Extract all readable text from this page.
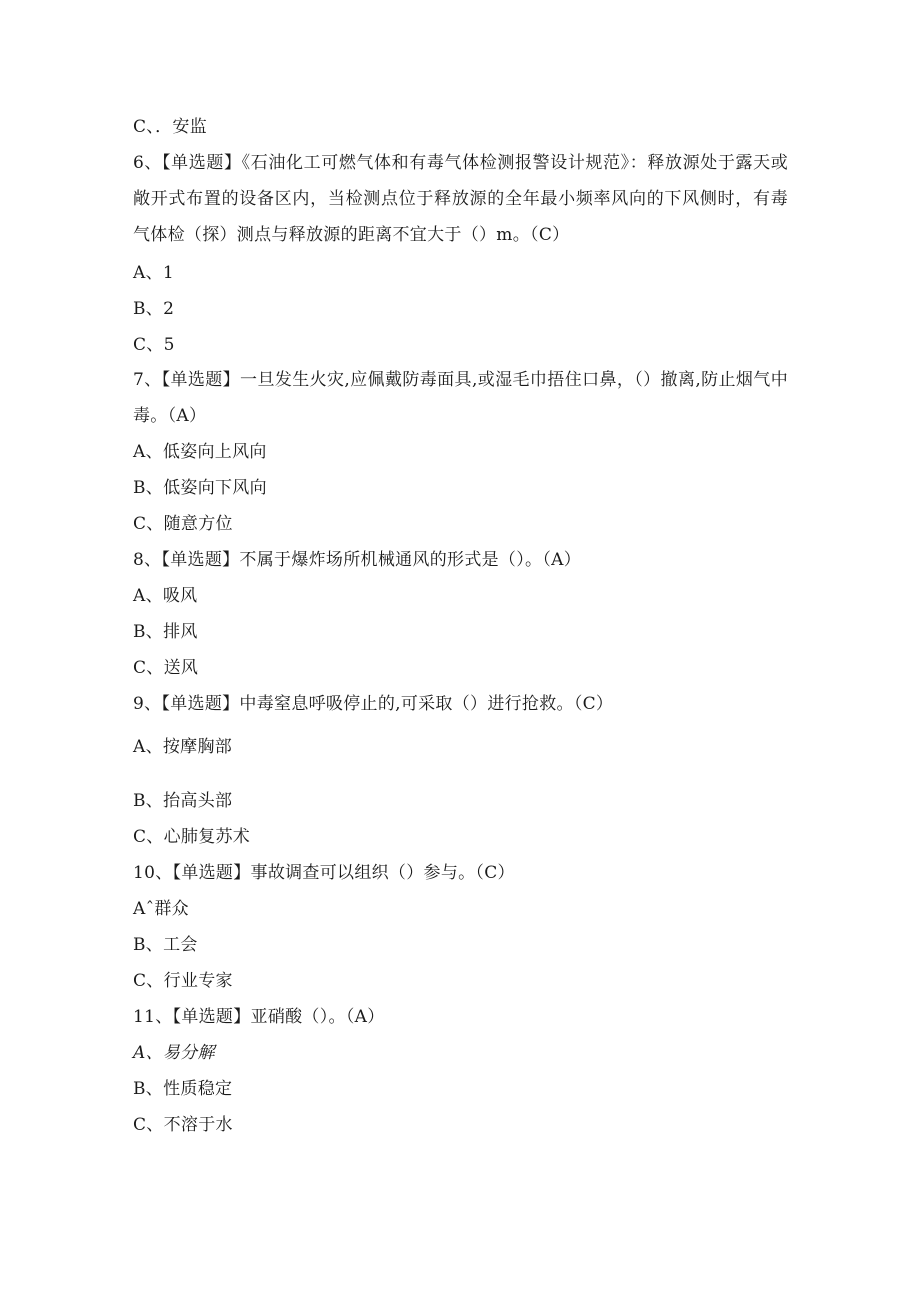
C、．安监
6、【单选题】《石油化工可燃气体和有毒气体检测报警设计规范》：释放源处于露天或敞开式布置的设备区内，当检测点位于释放源的全年最小频率风向的下风侧时，有毒气体检（探）测点与释放源的距离不宜大于（）m。（C）
A、1
B、2
C、5
7、【单选题】一旦发生火灾,应佩戴防毒面具,或湿毛巾捂住口鼻，（）撤离,防止烟气中毒。（A）
A、低姿向上风向
B、低姿向下风向
C、随意方位
8、【单选题】不属于爆炸场所机械通风的形式是（）。（A）
A、吸风
B、排风
C、送风
9、【单选题】中毒窒息呼吸停止的,可采取（）进行抢救。（C）
A、按摩胸部
B、抬高头部
C、心肺复苏术
10、【单选题】事故调查可以组织（）参与。（C）
Aˆ群众
B、工会
C、行业专家
11、【单选题】亚硝酸（）。（A）
A、易分解
B、性质稳定
C、不溶于水
